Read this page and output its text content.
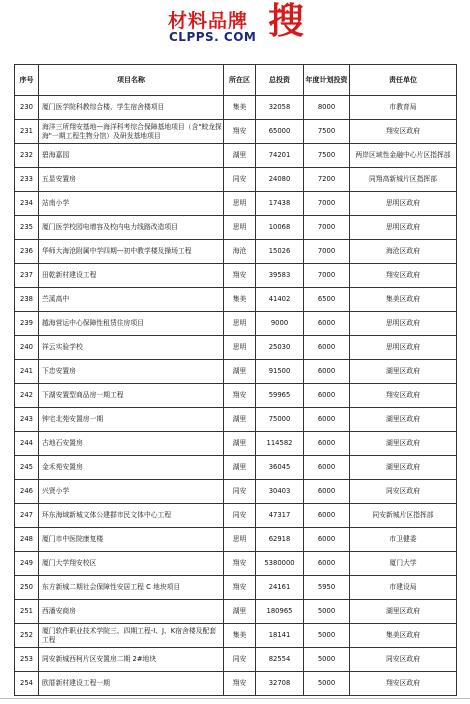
材料品牌
CLPPS. COM 搜
序号	项目名称	所在区	总投资	年度计划投资	责任单位
230	厦门医学院科教综合楼、学生宿舍楼项目	集美	32058	8000	市教育局
231	海洋三所翔安基地—海洋科考综合保障基地项目（含"蛟龙探海"一期工程生物分馆）及研发基地项目	翔安	65000	7500	翔安区政府
232	碧海嘉园	湖里	74201	7500	两岸区域性金融中心片区指挥部
233	五显安置房	同安	24080	7200	同翔高新城片区指挥部
234	站南小学	思明	17438	7000	思明区政府
235	厦门医学校园电增容及校内电力线路改造项目	思明	10068	7000	思明区政府
236	华师大海沧附属中学四期—初中教学楼及操场工程	海沧	15026	7000	海沧区政府
237	田乾新村建设工程	翔安	39583	7000	翔安区政府
238	苎溪高中	集美	41402	6500	集美区政府
239	越海营运中心保障性租赁住房项目	思明	9000	6000	思明区政府
240	祥云实验学校	思明	25030	6000	思明区政府
241	下忠安置房	湖里	91500	6000	湖里区政府
242	下湖安置型商品房一期工程	翔安	59965	6000	翔安区政府
243	钟宅北苑安置房一期	湖里	75000	6000	湖里区政府
244	古地石安置房	湖里	114582	6000	湖里区政府
245	金禾苑安置房	湖里	36045	6000	湖里区政府
246	兴贤小学	同安	30403	6000	同安区政府
247	环东海域新城文体公建群市民文体中心工程	同安	47317	6000	同安新城片区指挥部
248	厦门市中医院康复楼	思明	62918	6000	市卫健委
249	厦门大学翔安校区	翔安	5380000	6000	厦门大学
250	东方新城二期社会保障性安居工程 C 地块项目	翔安	24161	5950	市建设局
251	西潘安商房	湖里	180965	5000	湖里区政府
252	厦门软件职业技术学院三、四期工程-I、J、K宿舍楼及配套工程	集美	18141	5000	集美区政府
253	同安新城西柯片区安置房二期 2#地块	同安	82554	5000	同安区政府
254	欧厝新村建设工程一期	翔安	32708	5000	翔安区政府
